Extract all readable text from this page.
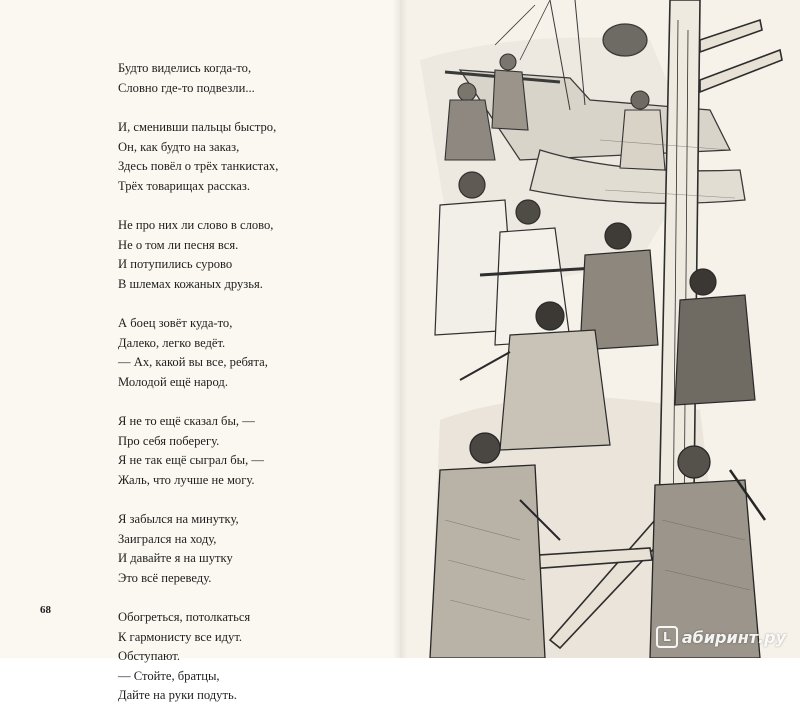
Будто виделись когда-то,
Словно где-то подвезли...
И, сменивши пальцы быстро,
Он, как будто на заказ,
Здесь повёл о трёх танкистах,
Трёх товарищах рассказ.
Не про них ли слово в слово,
Не о том ли песня вся.
И потупились сурово
В шлемах кожаных друзья.
А боец зовёт куда-то,
Далеко, легко ведёт.
— Ах, какой вы все, ребята,
Молодой ещё народ.
Я не то ещё сказал бы, —
Про себя поберегу.
Я не так ещё сыграл бы, —
Жаль, что лучше не могу.
Я забылся на минутку,
Заигрался на ходу,
И давайте я на шутку
Это всё переведу.
Обогреться, потолкаться
К гармонисту все идут.
Обступают.
— Стойте, братцы,
Дайте на руки подуть.
68
L абиринт.ру
